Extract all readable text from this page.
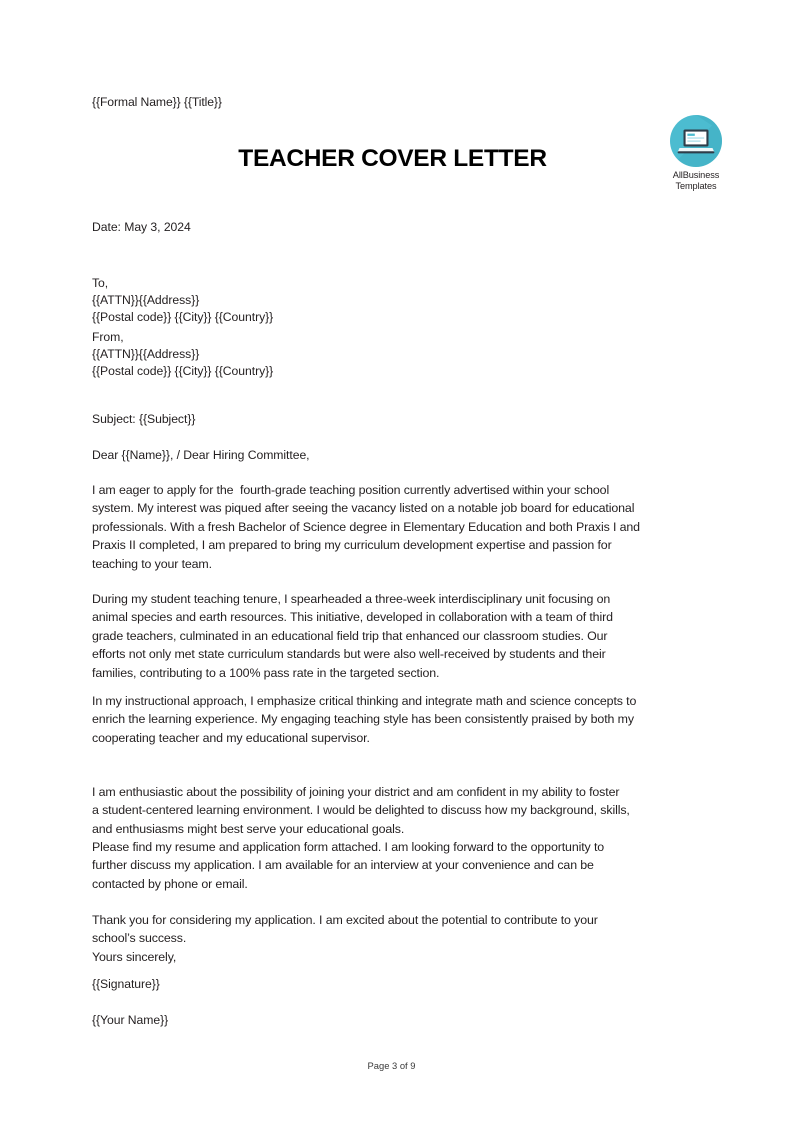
{{Formal Name}} {{Title}}
TEACHER COVER LETTER
AllBusiness
Templates
Date: May 3, 2024
To,
{{ATTN}}{{Address}}
{{Postal code}} {{City}} {{Country}}
From,
{{ATTN}}{{Address}}
{{Postal code}} {{City}} {{Country}}
Subject: {{Subject}}
Dear {{Name}}, / Dear Hiring Committee,
I am eager to apply for the  fourth-grade teaching position currently advertised within your school
system. My interest was piqued after seeing the vacancy listed on a notable job board for educational
professionals. With a fresh Bachelor of Science degree in Elementary Education and both Praxis I and
Praxis II completed, I am prepared to bring my curriculum development expertise and passion for
teaching to your team.
During my student teaching tenure, I spearheaded a three-week interdisciplinary unit focusing on
animal species and earth resources. This initiative, developed in collaboration with a team of third
grade teachers, culminated in an educational field trip that enhanced our classroom studies. Our
efforts not only met state curriculum standards but were also well-received by students and their
families, contributing to a 100% pass rate in the targeted section.
In my instructional approach, I emphasize critical thinking and integrate math and science concepts to
enrich the learning experience. My engaging teaching style has been consistently praised by both my
cooperating teacher and my educational supervisor.
I am enthusiastic about the possibility of joining your district and am confident in my ability to foster
a student-centered learning environment. I would be delighted to discuss how my background, skills,
and enthusiasms might best serve your educational goals.
Please find my resume and application form attached. I am looking forward to the opportunity to
further discuss my application. I am available for an interview at your convenience and can be
contacted by phone or email.
Thank you for considering my application. I am excited about the potential to contribute to your
school’s success.
Yours sincerely,
{{Signature}}
{{Your Name}}
Page 3 of 9
